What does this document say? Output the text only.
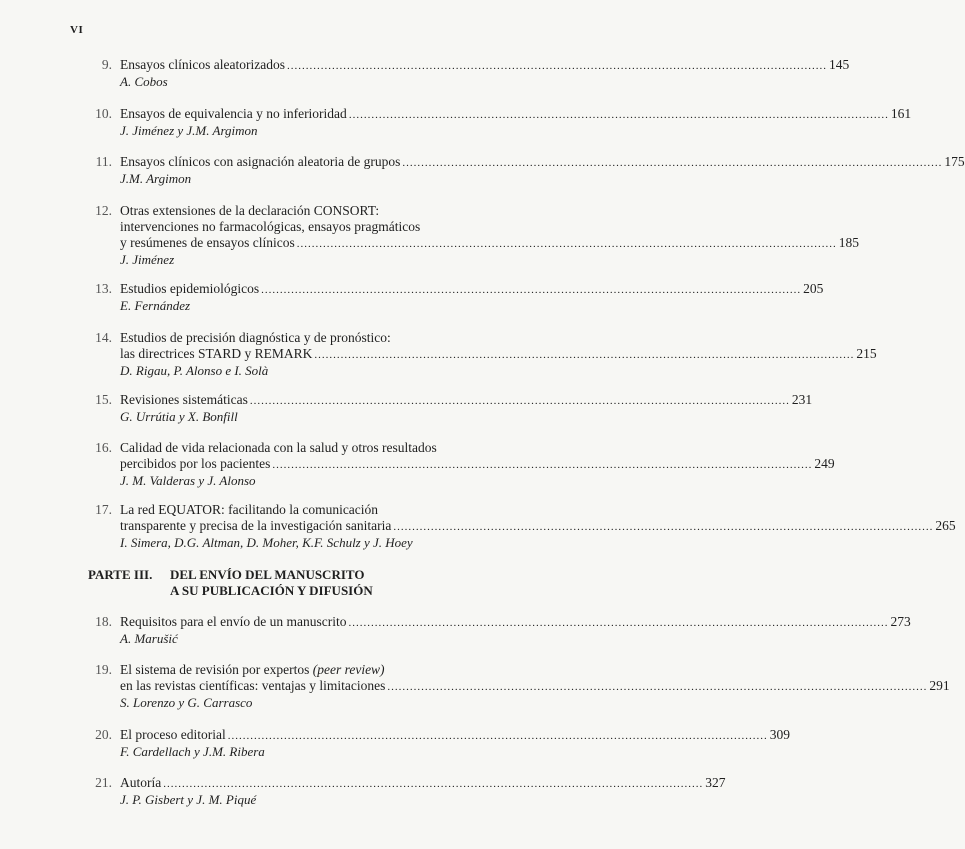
VI
9. Ensayos clínicos aleatorizados ................................................................................................................................................ 145
A. Cobos
10. Ensayos de equivalencia y no inferioridad ................................................................................................................................................ 161
J. Jiménez y J.M. Argimon
11. Ensayos clínicos con asignación aleatoria de grupos ................................................................................................................................................ 175
J.M. Argimon
12. Otras extensiones de la declaración CONSORT:
intervenciones no farmacológicas, ensayos pragmáticos
y resúmenes de ensayos clínicos ................................................................................................................................................ 185
J. Jiménez
13. Estudios epidemiológicos ................................................................................................................................................ 205
E. Fernández
14. Estudios de precisión diagnóstica y de pronóstico:
las directrices STARD y REMARK ................................................................................................................................................ 215
D. Rigau, P. Alonso e I. Solà
15. Revisiones sistemáticas ................................................................................................................................................ 231
G. Urrútia y X. Bonfill
16. Calidad de vida relacionada con la salud y otros resultados
percibidos por los pacientes ................................................................................................................................................ 249
J. M. Valderas y J. Alonso
17. La red EQUATOR: facilitando la comunicación
transparente y precisa de la investigación sanitaria ................................................................................................................................................ 265
I. Simera, D.G. Altman, D. Moher, K.F. Schulz y J. Hoey
PARTE III. DEL ENVÍO DEL MANUSCRITO
A SU PUBLICACIÓN Y DIFUSIÓN
18. Requisitos para el envío de un manuscrito ................................................................................................................................................ 273
A. Marušić
19. El sistema de revisión por expertos (peer review)
en las revistas científicas: ventajas y limitaciones ................................................................................................................................................ 291
S. Lorenzo y G. Carrasco
20. El proceso editorial ................................................................................................................................................ 309
F. Cardellach y J.M. Ribera
21. Autoría ................................................................................................................................................ 327
J. P. Gisbert y J. M. Piqué
